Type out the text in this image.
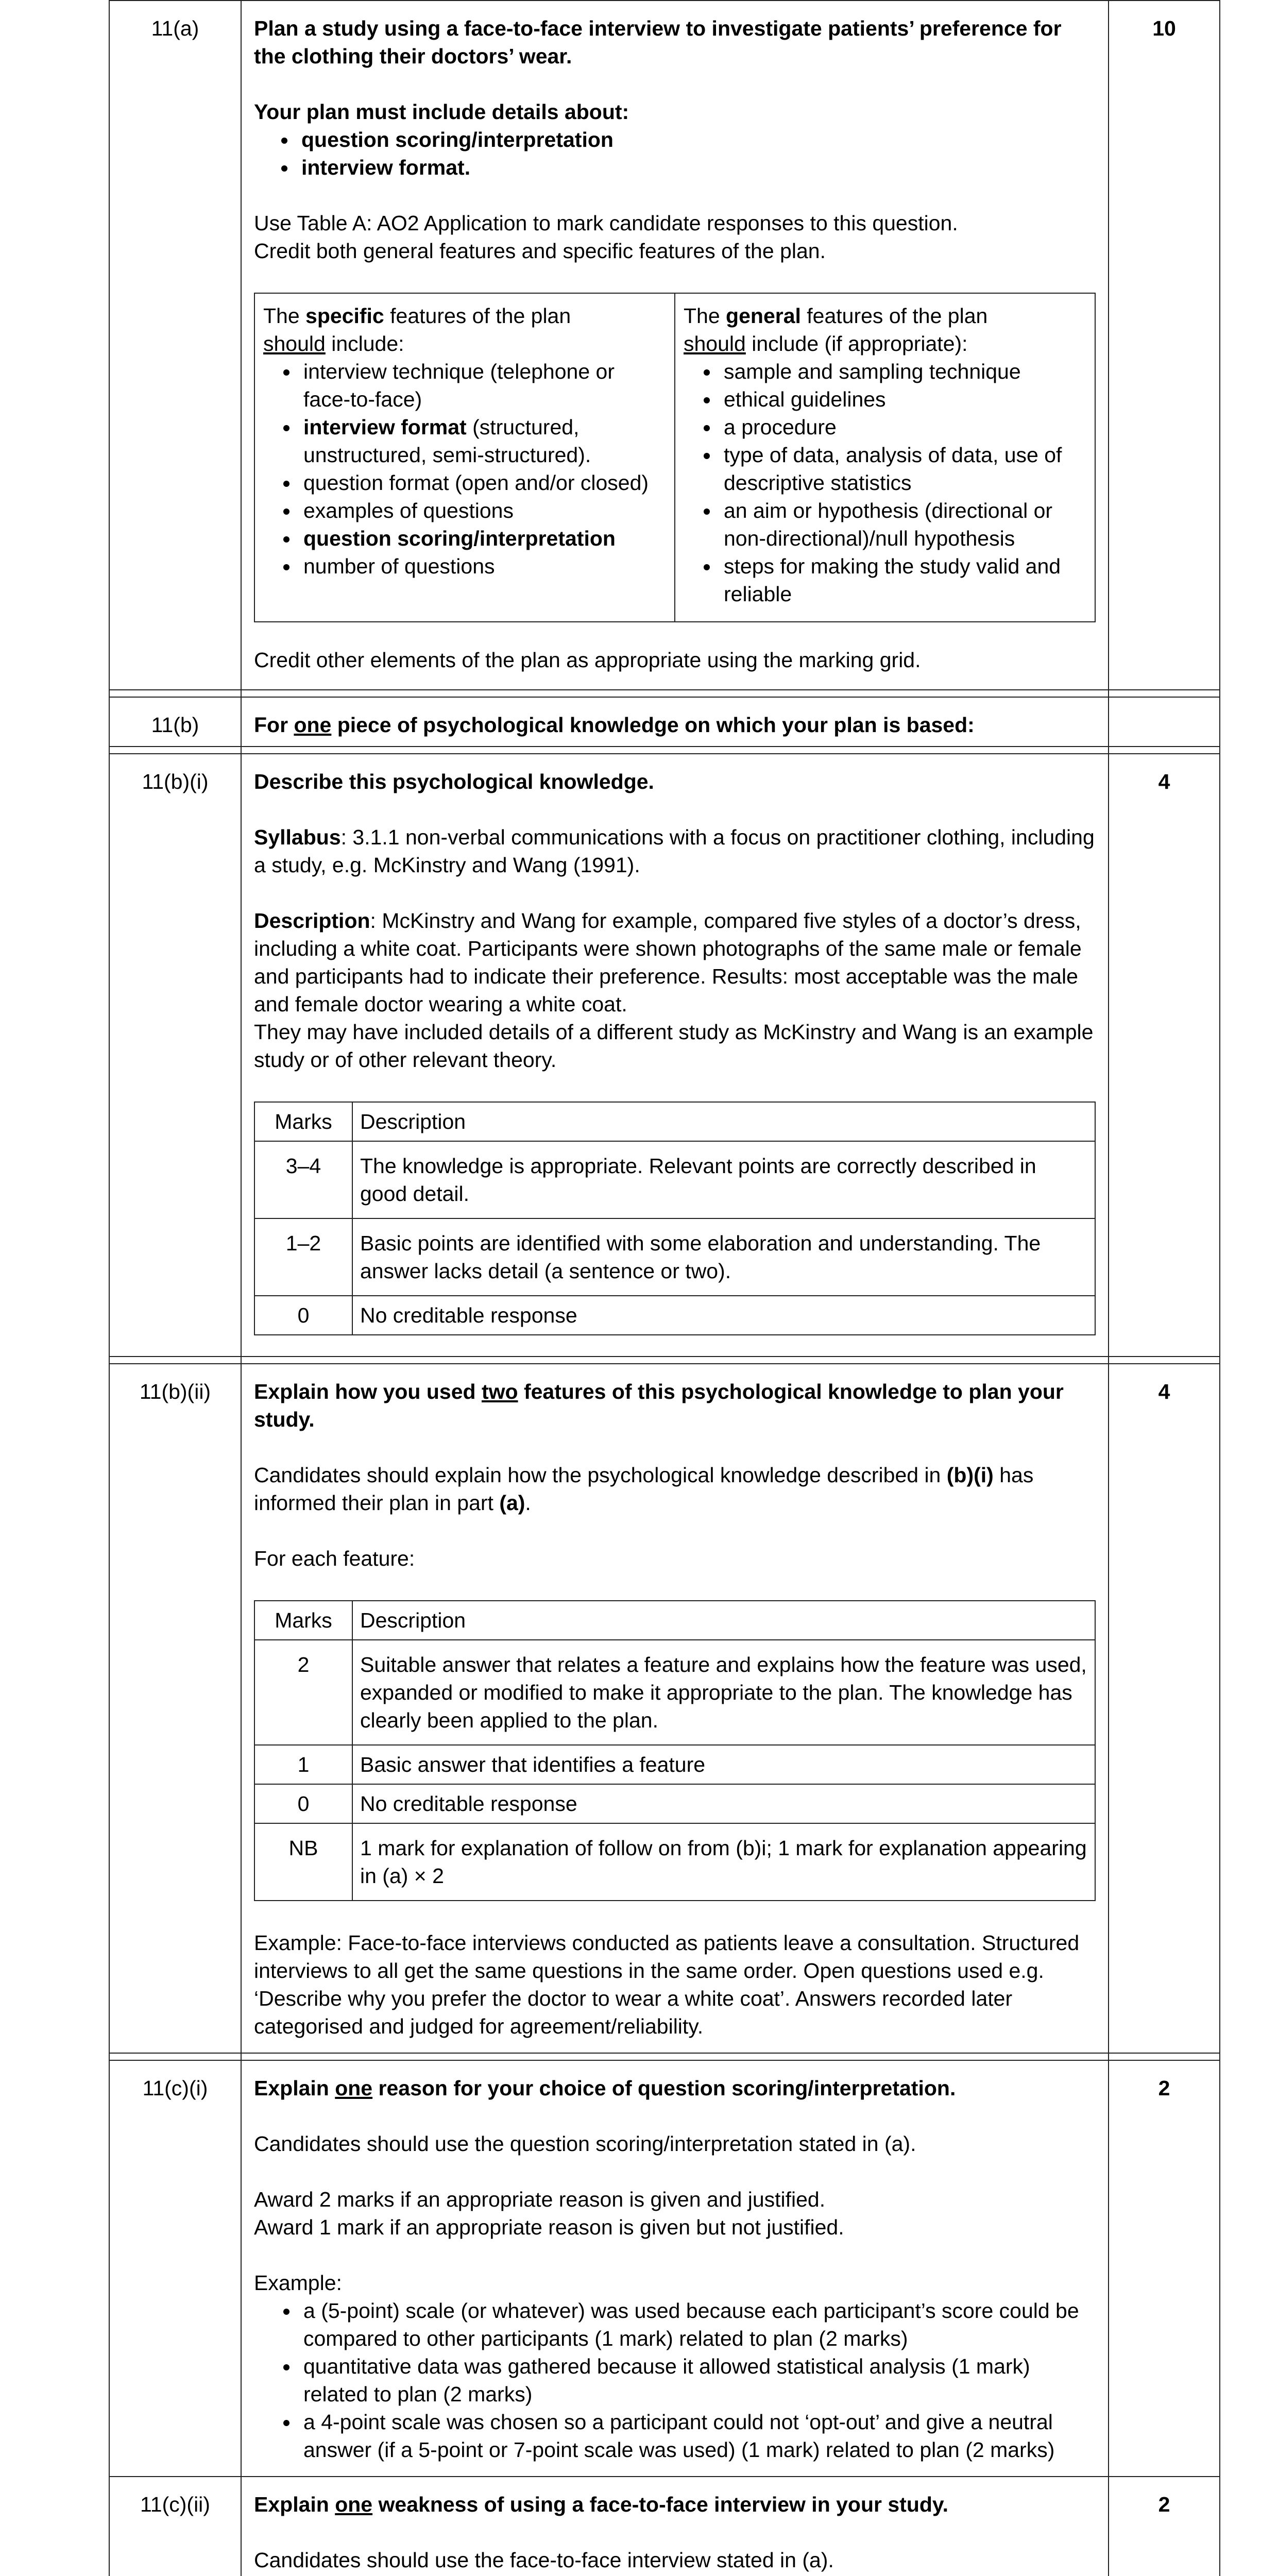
11(a)	Plan a study using a face-to-face interview to investigate patients’ preference for the clothing their doctors’ wear.

Your plan must include details about:

• question scoring/interpretation
• interview format.

Use Table A: AO2 Application to mark candidate responses to this question.

Credit both general features and specific features of the plan.

The specific features of the plan
should include:
• interview technique (telephone or face-to-face)
• interview format (structured, unstructured, semi-structured).
• question format (open and/or closed)
• examples of questions
• question scoring/interpretation
• number of questions

The general features of the plan
should include (if appropriate):
• sample and sampling technique
• ethical guidelines
• a procedure
• type of data, analysis of data, use of descriptive statistics
• an aim or hypothesis (directional or non-directional)/null hypothesis
• steps for making the study valid and reliable

Credit other elements of the plan as appropriate using the marking grid.

	10

11(b)	For one piece of psychological knowledge on which your plan is based:

11(b)(i)	Describe this psychological knowledge.

Syllabus: 3.1.1 non-verbal communications with a focus on practitioner clothing, including a study, e.g. McKinstry and Wang (1991).

Description: McKinstry and Wang for example, compared five styles of a doctor’s dress, including a white coat. Participants were shown photographs of the same male or female and participants had to indicate their preference. Results: most acceptable was the male and female doctor wearing a white coat.

They may have included details of a different study as McKinstry and Wang is an example study or of other relevant theory.

Marks	Description
3–4	The knowledge is appropriate. Relevant points are correctly described in good detail.
1–2	Basic points are identified with some elaboration and understanding. The answer lacks detail (a sentence or two).
0	No creditable response
	4

11(b)(ii)	Explain how you used two features of this psychological knowledge to plan your study.

Candidates should explain how the psychological knowledge described in (b)(i) has informed their plan in part (a).

For each feature:

Marks	Description
2	Suitable answer that relates a feature and explains how the feature was used, expanded or modified to make it appropriate to the plan. The knowledge has clearly been applied to the plan.
1	Basic answer that identifies a feature
0	No creditable response
NB	1 mark for explanation of follow on from (b)i; 1 mark for explanation appearing in (a) × 2

Example: Face-to-face interviews conducted as patients leave a consultation. Structured interviews to all get the same questions in the same order. Open questions used e.g. ‘Describe why you prefer the doctor to wear a white coat’. Answers recorded later categorised and judged for agreement/reliability.

	4

11(c)(i)	Explain one reason for your choice of question scoring/interpretation.

Candidates should use the question scoring/interpretation stated in (a).

Award 2 marks if an appropriate reason is given and justified.

Award 1 mark if an appropriate reason is given but not justified.

Example:

• a (5-point) scale (or whatever) was used because each participant’s score could be compared to other participants (1 mark) related to plan (2 marks)
• quantitative data was gathered because it allowed statistical analysis (1 mark) related to plan (2 marks)
• a 4-point scale was chosen so a participant could not ‘opt-out’ and give a neutral answer (if a 5-point or 7-point scale was used) (1 mark) related to plan (2 marks)
	2
11(c)(ii)	Explain one weakness of using a face-to-face interview in your study.

Candidates should use the face-to-face interview stated in (a).

	2
